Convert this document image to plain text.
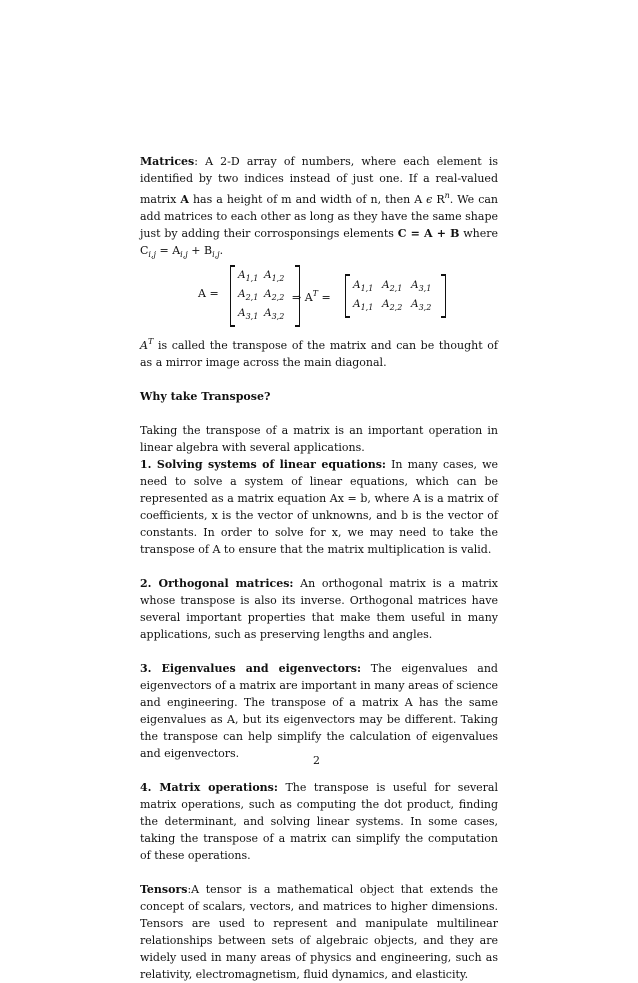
Matrices: A 2-D array of numbers, where each element is identified by two indices instead of just one. If a real-valued matrix A has a height of m and width of n, then A ϵ $R^n$. We can add matrices to each other as long as they have the same shape just by adding their corrosponsings elements C = A + B where $C_{i,j} = A_{i,j} + B_{i,j}$.

A =
$A_{1,1}$ $A_{1,2}$
$A_{2,1}$ $A_{2,2}$
$A_{3,1}$ $A_{3,2}$
⇒ $A^T$ =
$A_{1,1}$ $A_{2,1}$ $A_{3,1}$
$A_{1,1}$ $A_{2,2}$ $A_{3,2}$

$A^T$ is called the transpose of the matrix and can be thought of as a mirror image across the main diagonal.

Why take Transpose?

Taking the transpose of a matrix is an important operation in linear algebra with several applications.

1. Solving systems of linear equations: In many cases, we need to solve a system of linear equations, which can be represented as a matrix equation Ax = b, where A is a matrix of coefficients, x is the vector of unknowns, and b is the vector of constants. In order to solve for x, we may need to take the transpose of A to ensure that the matrix multiplication is valid.

2. Orthogonal matrices: An orthogonal matrix is a matrix whose transpose is also its inverse. Orthogonal matrices have several important properties that make them useful in many applications, such as preserving lengths and angles.

3. Eigenvalues and eigenvectors: The eigenvalues and eigenvectors of a matrix are important in many areas of science and engineering. The transpose of a matrix A has the same eigenvalues as A, but its eigenvectors may be different. Taking the transpose can help simplify the calculation of eigenvalues and eigenvectors.

4. Matrix operations: The transpose is useful for several matrix operations, such as computing the dot product, finding the determinant, and solving linear systems. In some cases, taking the transpose of a matrix can simplify the computation of these operations.

Tensors:A tensor is a mathematical object that extends the concept of scalars, vectors, and matrices to higher dimensions. Tensors are used to represent and manipulate multilinear relationships between sets of algebraic objects, and they are widely used in many areas of physics and engineering, such as relativity, electromagnetism, fluid dynamics, and elasticity.

2
